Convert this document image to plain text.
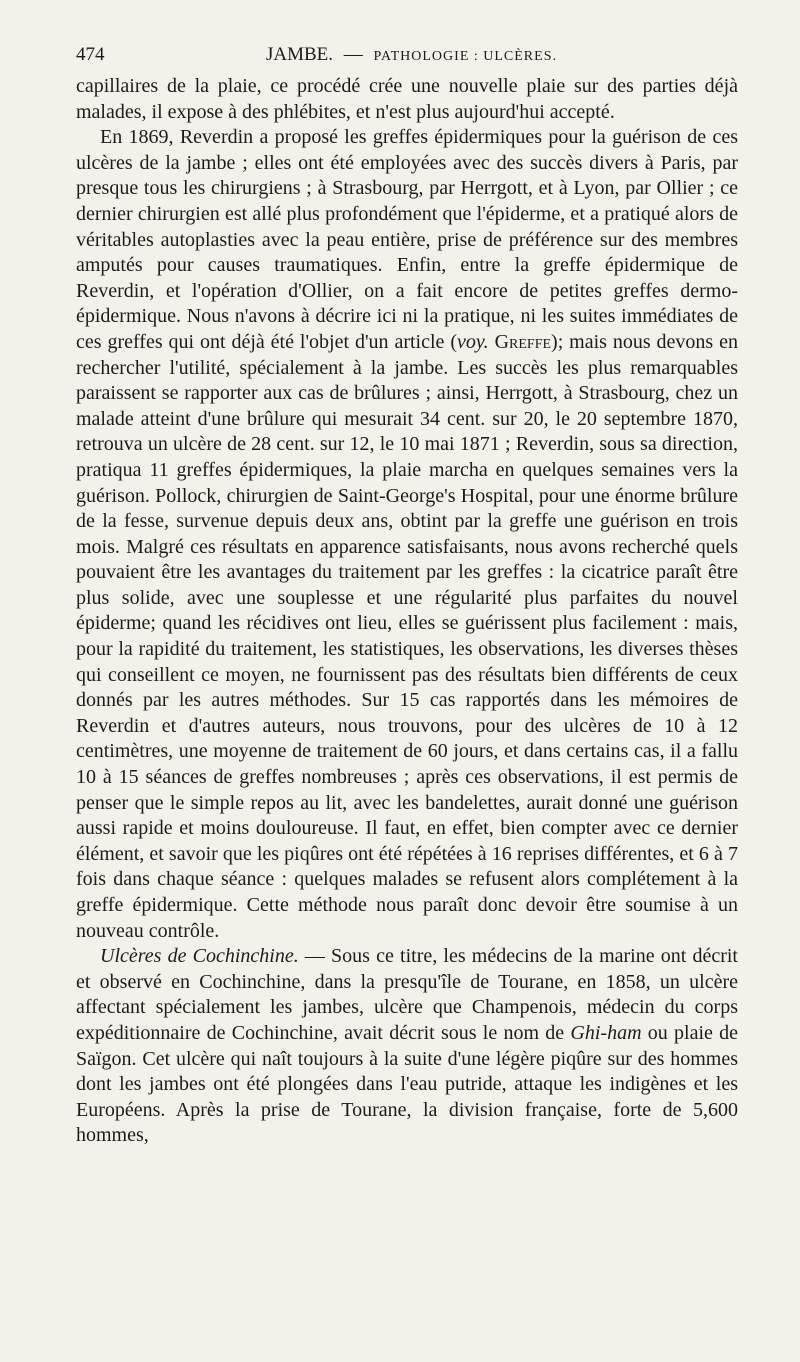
474	JAMBE. — PATHOLOGIE : ULCÈRES.

capillaires de la plaie, ce procédé crée une nouvelle plaie sur des parties déjà malades, il expose à des phlébites, et n'est plus aujourd'hui accepté.

En 1869, Reverdin a proposé les greffes épidermiques pour la guérison de ces ulcères de la jambe ; elles ont été employées avec des succès divers à Paris, par presque tous les chirurgiens ; à Strasbourg, par Herrgott, et à Lyon, par Ollier ; ce dernier chirurgien est allé plus profondément que l'épiderme, et a pratiqué alors de véritables autoplasties avec la peau entière, prise de préférence sur des membres amputés pour causes traumatiques. Enfin, entre la greffe épidermique de Reverdin, et l'opération d'Ollier, on a fait encore de petites greffes dermo-épidermique. Nous n'avons à décrire ici ni la pratique, ni les suites immédiates de ces greffes qui ont déjà été l'objet d'un article (voy. Greffe); mais nous devons en rechercher l'utilité, spécialement à la jambe. Les succès les plus remarquables paraissent se rapporter aux cas de brûlures ; ainsi, Herrgott, à Strasbourg, chez un malade atteint d'une brûlure qui mesurait 34 cent. sur 20, le 20 septembre 1870, retrouva un ulcère de 28 cent. sur 12, le 10 mai 1871 ; Reverdin, sous sa direction, pratiqua 11 greffes épidermiques, la plaie marcha en quelques semaines vers la guérison. Pollock, chirurgien de Saint-George's Hospital, pour une énorme brûlure de la fesse, survenue depuis deux ans, obtint par la greffe une guérison en trois mois. Malgré ces résultats en apparence satisfaisants, nous avons recherché quels pouvaient être les avantages du traitement par les greffes : la cicatrice paraît être plus solide, avec une souplesse et une régularité plus parfaites du nouvel épiderme; quand les récidives ont lieu, elles se guérissent plus facilement : mais, pour la rapidité du traitement, les statistiques, les observations, les diverses thèses qui conseillent ce moyen, ne fournissent pas des résultats bien différents de ceux donnés par les autres méthodes. Sur 15 cas rapportés dans les mémoires de Reverdin et d'autres auteurs, nous trouvons, pour des ulcères de 10 à 12 centimètres, une moyenne de traitement de 60 jours, et dans certains cas, il a fallu 10 à 15 séances de greffes nombreuses ; après ces observations, il est permis de penser que le simple repos au lit, avec les bandelettes, aurait donné une guérison aussi rapide et moins douloureuse. Il faut, en effet, bien compter avec ce dernier élément, et savoir que les piqûres ont été répétées à 16 reprises différentes, et 6 à 7 fois dans chaque séance : quelques malades se refusent alors complétement à la greffe épidermique. Cette méthode nous paraît donc devoir être soumise à un nouveau contrôle.

Ulcères de Cochinchine. — Sous ce titre, les médecins de la marine ont décrit et observé en Cochinchine, dans la presqu'île de Tourane, en 1858, un ulcère affectant spécialement les jambes, ulcère que Champenois, médecin du corps expéditionnaire de Cochinchine, avait décrit sous le nom de Ghi-ham ou plaie de Saïgon. Cet ulcère qui naît toujours à la suite d'une légère piqûre sur des hommes dont les jambes ont été plongées dans l'eau putride, attaque les indigènes et les Européens. Après la prise de Tourane, la division française, forte de 5,600 hommes,
